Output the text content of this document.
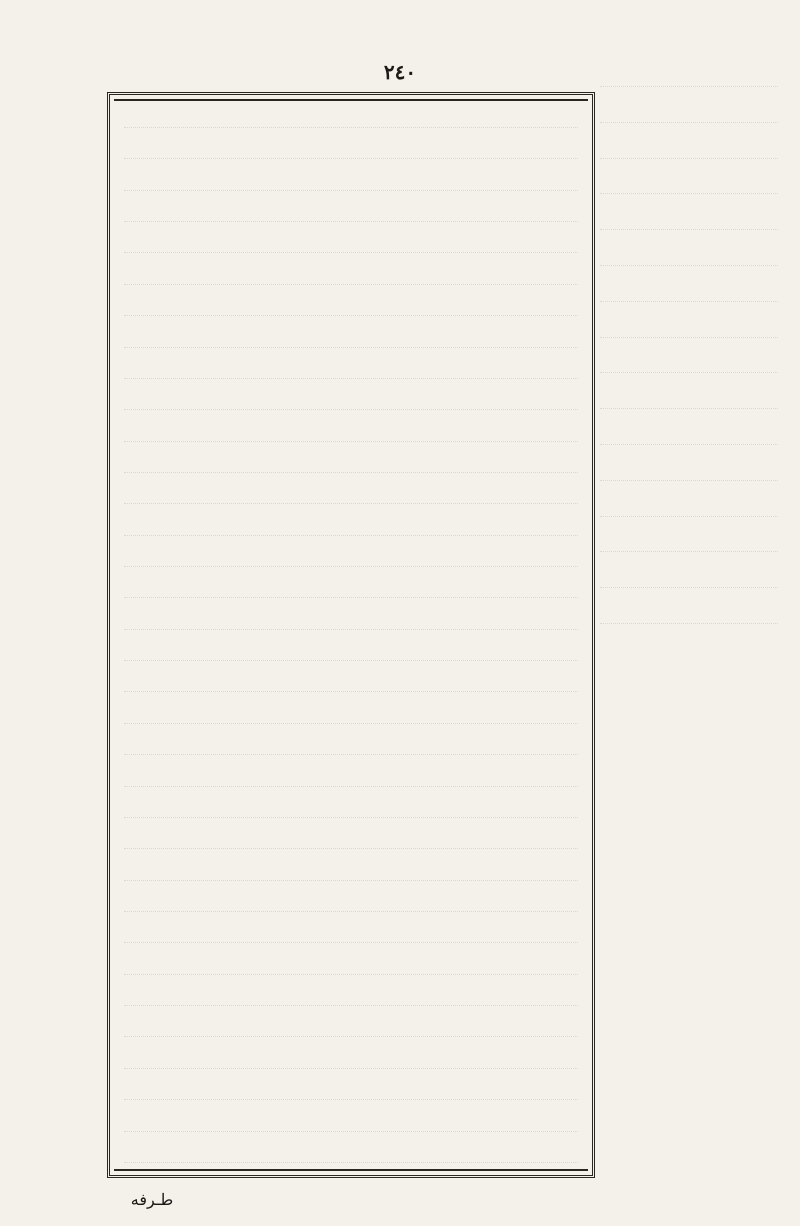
٢٤٠
طـرفه
